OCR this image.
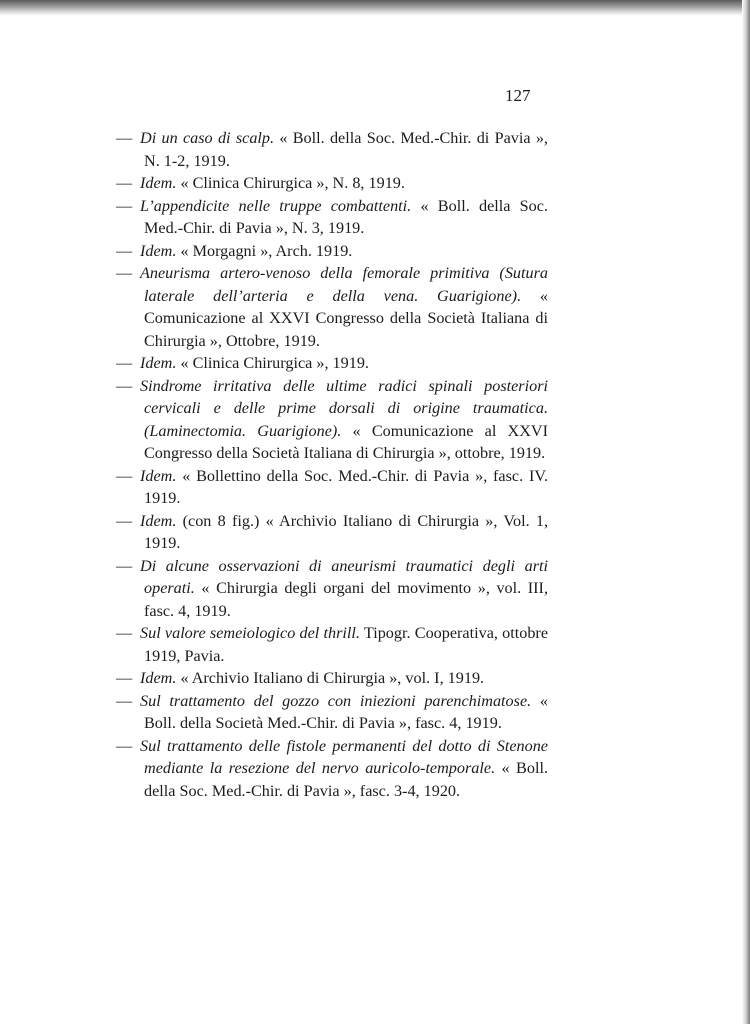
127

— Di un caso di scalp. « Boll. della Soc. Med.-Chir. di Pavia », N. 1-2, 1919.

— Idem. « Clinica Chirurgica », N. 8, 1919.

— L’appendicite nelle truppe combattenti. « Boll. della Soc. Med.-Chir. di Pavia », N. 3, 1919.

— Idem. « Morgagni », Arch. 1919.

— Aneurisma artero-venoso della femorale primitiva (Sutura laterale dell’arteria e della vena. Guarigione). « Comunicazione al XXVI Congresso della Società Italiana di Chirurgia », Ottobre, 1919.

— Idem. « Clinica Chirurgica », 1919.

— Sindrome irritativa delle ultime radici spinali posteriori cervicali e delle prime dorsali di origine traumatica. (Laminectomia. Guarigione). « Comunicazione al XXVI Congresso della Società Italiana di Chirurgia », ottobre, 1919.

— Idem. « Bollettino della Soc. Med.-Chir. di Pavia », fasc. IV. 1919.

— Idem. (con 8 fig.) « Archivio Italiano di Chirurgia », Vol. 1, 1919.

— Di alcune osservazioni di aneurismi traumatici degli arti operati. « Chirurgia degli organi del movimento », vol. III, fasc. 4, 1919.

— Sul valore semeiologico del thrill. Tipogr. Cooperativa, ottobre 1919, Pavia.

— Idem. « Archivio Italiano di Chirurgia », vol. I, 1919.

— Sul trattamento del gozzo con iniezioni parenchimatose. « Boll. della Società Med.-Chir. di Pavia », fasc. 4, 1919.

— Sul trattamento delle fistole permanenti del dotto di Stenone mediante la resezione del nervo auricolo-temporale. « Boll. della Soc. Med.-Chir. di Pavia », fasc. 3-4, 1920.
